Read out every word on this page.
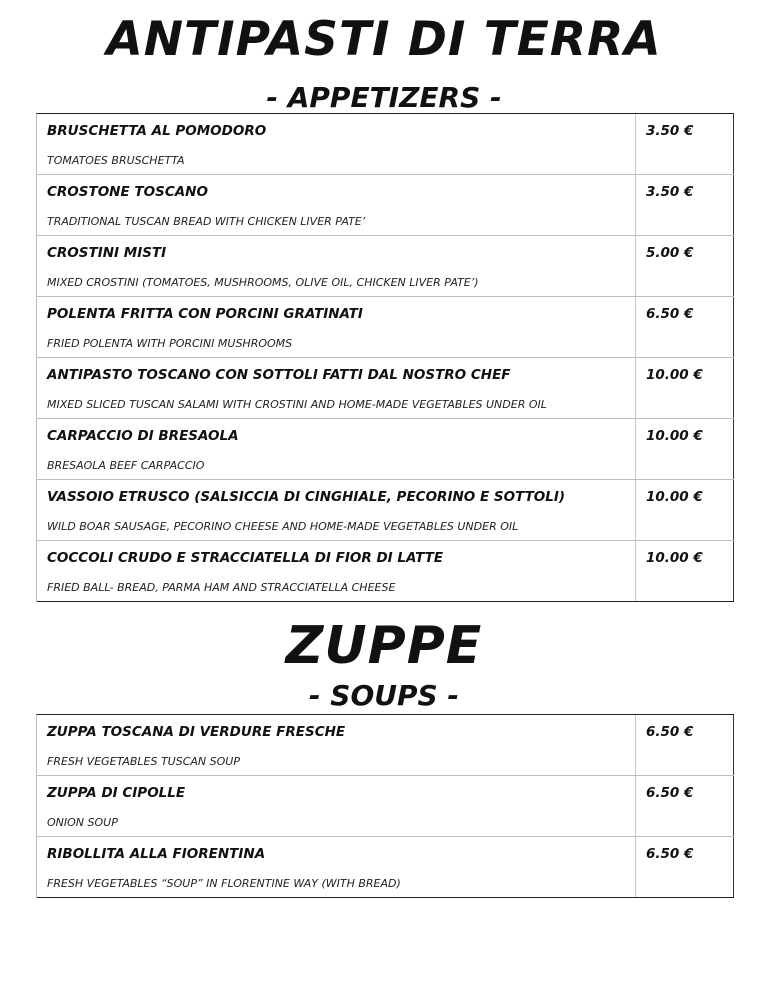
ANTIPASTI DI TERRA
- APPETIZERS -
BRUSCHETTA AL POMODORO
TOMATOES BRUSCHETTA
3.50 €
CROSTONE TOSCANO
TRADITIONAL TUSCAN BREAD WITH CHICKEN LIVER PATE’
3.50 €
CROSTINI MISTI
MIXED CROSTINI (TOMATOES, MUSHROOMS, OLIVE OIL, CHICKEN LIVER PATE’)
5.00 €
POLENTA FRITTA CON PORCINI GRATINATI
FRIED POLENTA WITH PORCINI MUSHROOMS
6.50 €
ANTIPASTO TOSCANO CON SOTTOLI FATTI DAL NOSTRO CHEF
MIXED SLICED TUSCAN SALAMI WITH CROSTINI AND HOME-MADE VEGETABLES UNDER OIL
10.00 €
CARPACCIO DI BRESAOLA
BRESAOLA BEEF CARPACCIO
10.00 €
VASSOIO ETRUSCO (SALSICCIA DI CINGHIALE, PECORINO E SOTTOLI)
WILD BOAR SAUSAGE, PECORINO CHEESE AND HOME-MADE VEGETABLES UNDER OIL
10.00 €
COCCOLI CRUDO E STRACCIATELLA DI FIOR DI LATTE
FRIED BALL- BREAD, PARMA HAM AND STRACCIATELLA CHEESE
10.00 €
ZUPPE
- SOUPS -
ZUPPA TOSCANA DI VERDURE FRESCHE
FRESH VEGETABLES TUSCAN SOUP
6.50 €
ZUPPA DI CIPOLLE
ONION SOUP
6.50 €
RIBOLLITA ALLA FIORENTINA
FRESH VEGETABLES “SOUP” IN FLORENTINE WAY (WITH BREAD)
6.50 €
